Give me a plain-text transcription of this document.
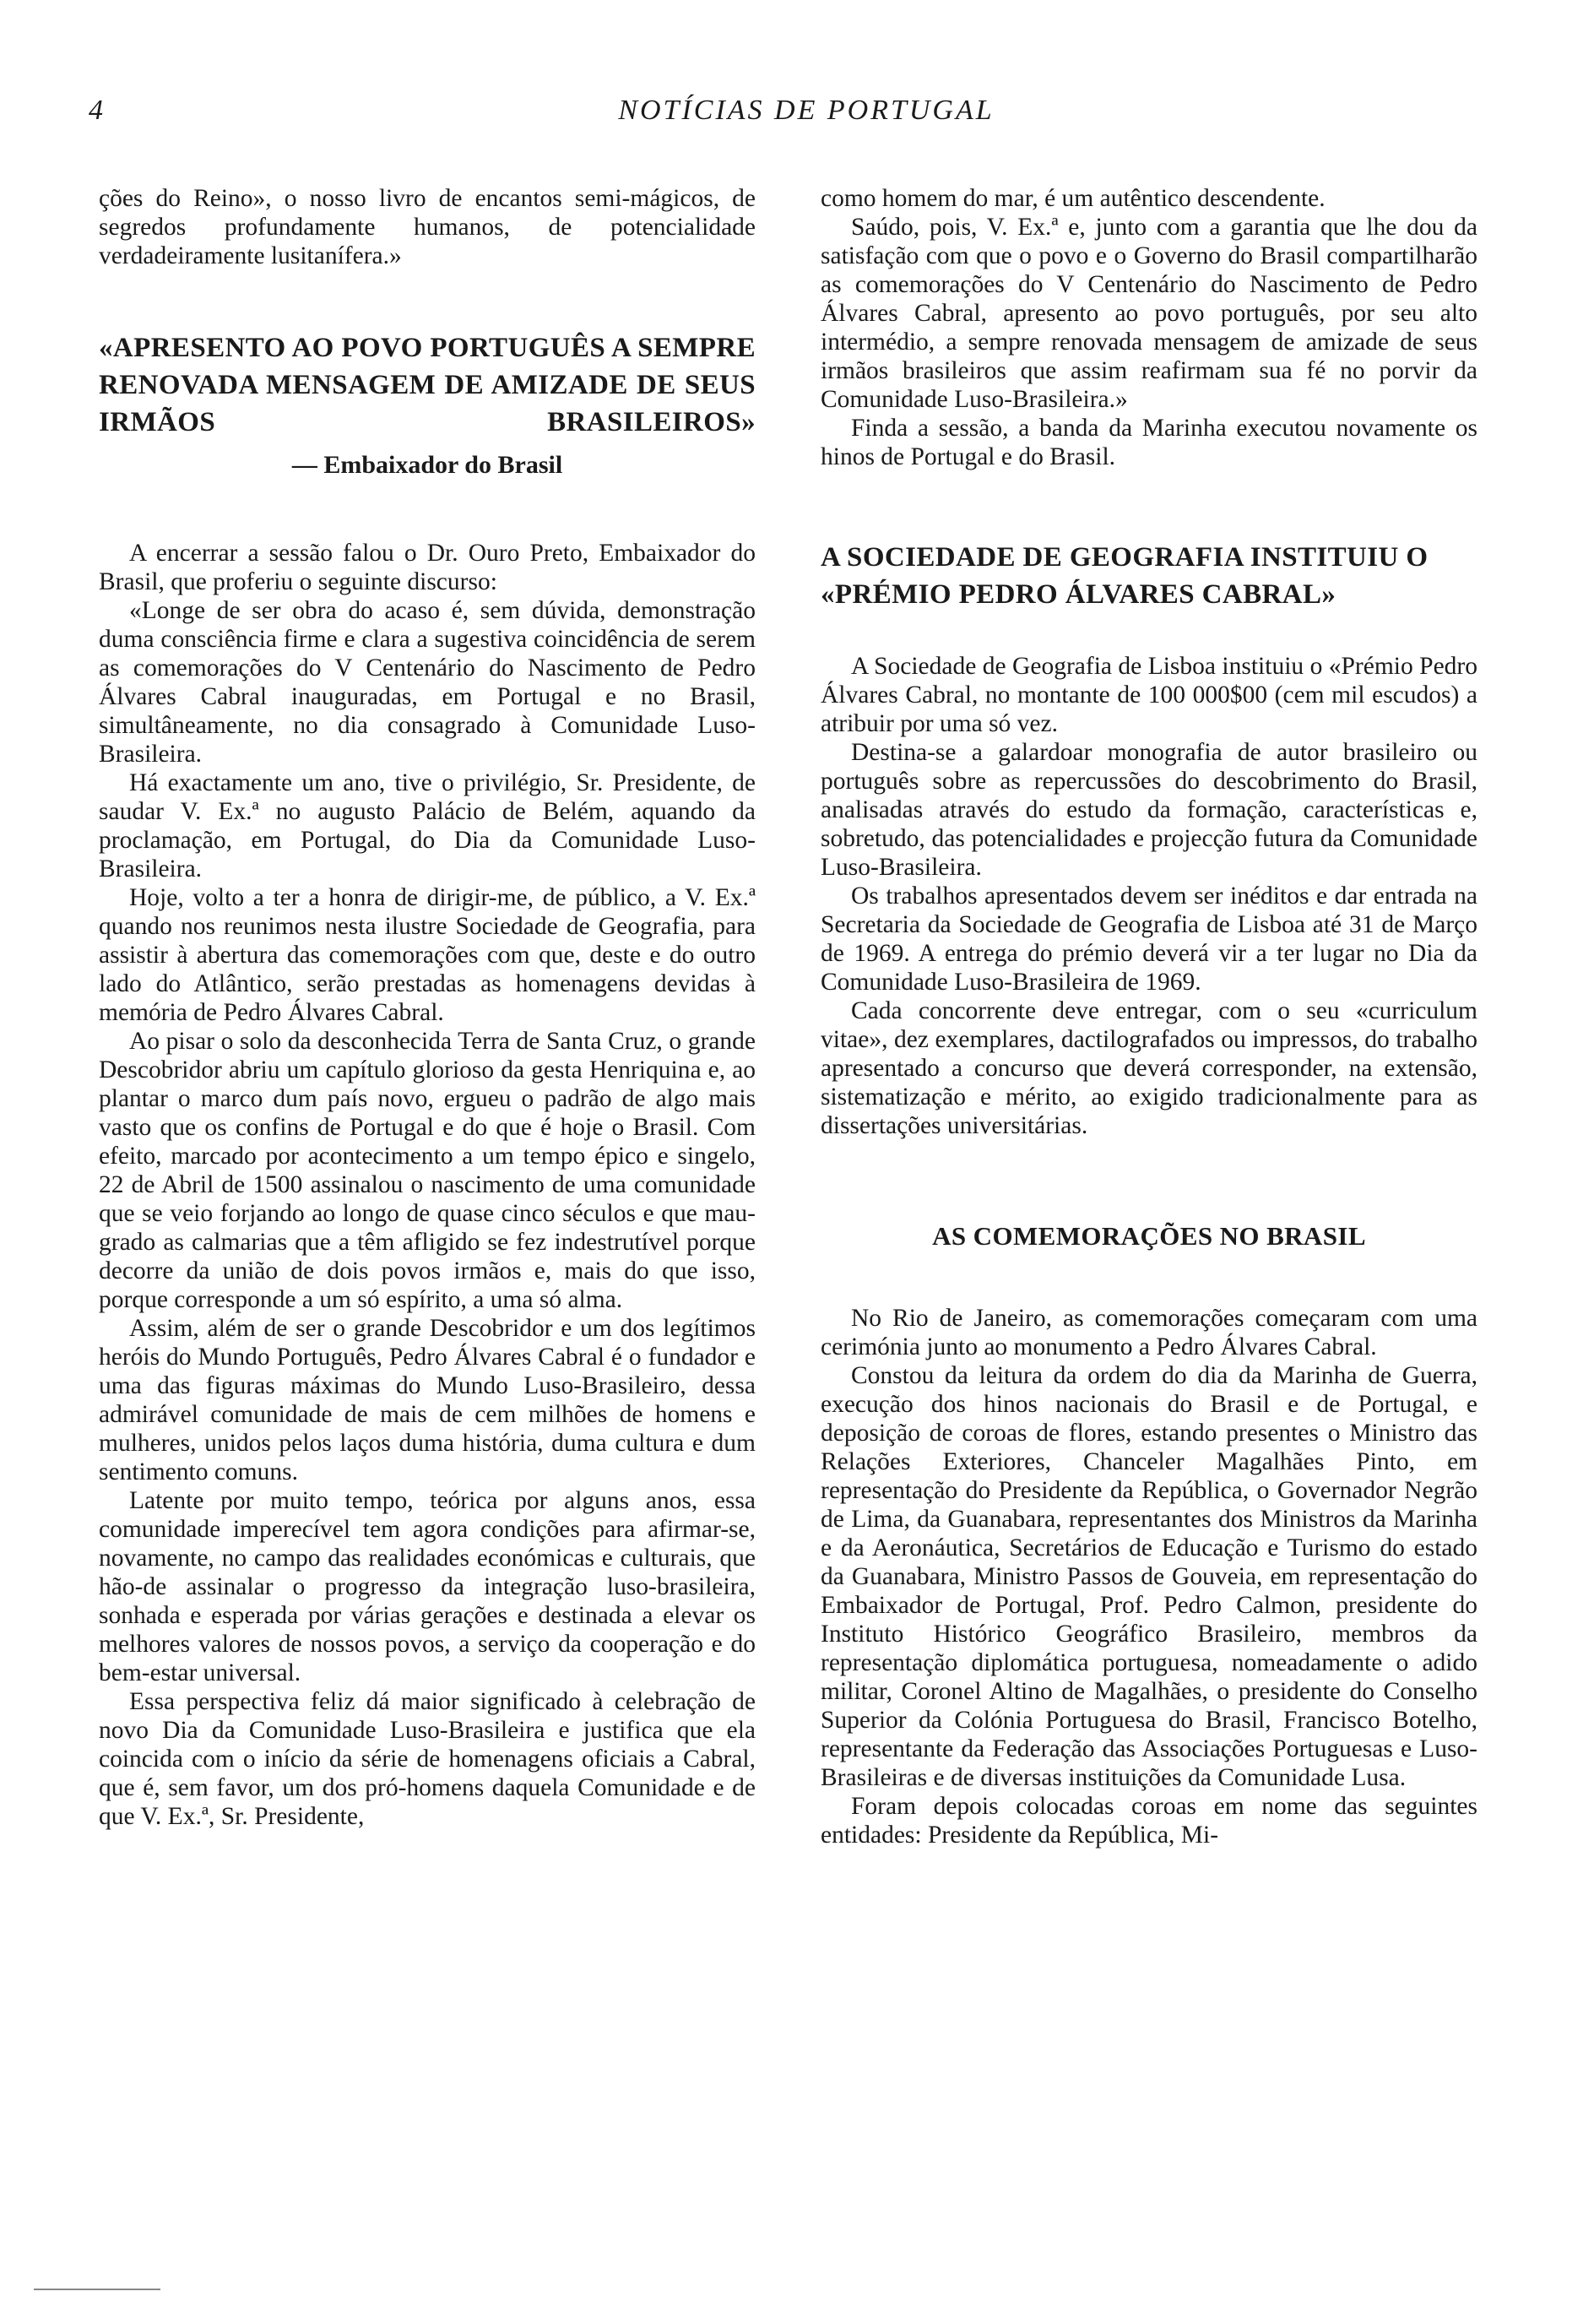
4	NOTÍCIAS DE PORTUGAL

ções do Reino», o nosso livro de encantos semi-mágicos, de segredos profundamente humanos, de potencialidade verdadeiramente lusitanífera.»

«APRESENTO AO POVO PORTUGUÊS A SEMPRE RENOVADA MENSAGEM DE AMIZADE DE SEUS IRMÃOS BRASILEIROS»
— Embaixador do Brasil

A encerrar a sessão falou o Dr. Ouro Preto, Embaixador do Brasil, que proferiu o seguinte discurso:

«Longe de ser obra do acaso é, sem dúvida, demonstração duma consciência firme e clara a sugestiva coincidência de serem as comemorações do V Centenário do Nascimento de Pedro Álvares Cabral inauguradas, em Portugal e no Brasil, simultâneamente, no dia consagrado à Comunidade Luso-Brasileira.

Há exactamente um ano, tive o privilégio, Sr. Presidente, de saudar V. Ex.ª no augusto Palácio de Belém, aquando da proclamação, em Portugal, do Dia da Comunidade Luso-Brasileira.

Hoje, volto a ter a honra de dirigir-me, de público, a V. Ex.ª quando nos reunimos nesta ilustre Sociedade de Geografia, para assistir à abertura das comemorações com que, deste e do outro lado do Atlântico, serão prestadas as homenagens devidas à memória de Pedro Álvares Cabral.

Ao pisar o solo da desconhecida Terra de Santa Cruz, o grande Descobridor abriu um capítulo glorioso da gesta Henriquina e, ao plantar o marco dum país novo, ergueu o padrão de algo mais vasto que os confins de Portugal e do que é hoje o Brasil. Com efeito, marcado por acontecimento a um tempo épico e singelo, 22 de Abril de 1500 assinalou o nascimento de uma comunidade que se veio forjando ao longo de quase cinco séculos e que mau-grado as calmarias que a têm afligido se fez indestrutível porque decorre da união de dois povos irmãos e, mais do que isso, porque corresponde a um só espírito, a uma só alma.

Assim, além de ser o grande Descobridor e um dos legítimos heróis do Mundo Português, Pedro Álvares Cabral é o fundador e uma das figuras máximas do Mundo Luso-Brasileiro, dessa admirável comunidade de mais de cem milhões de homens e mulheres, unidos pelos laços duma história, duma cultura e dum sentimento comuns.

Latente por muito tempo, teórica por alguns anos, essa comunidade imperecível tem agora condições para afirmar-se, novamente, no campo das realidades económicas e culturais, que hão-de assinalar o progresso da integração luso-brasileira, sonhada e esperada por várias gerações e destinada a elevar os melhores valores de nossos povos, a serviço da cooperação e do bem-estar universal.

Essa perspectiva feliz dá maior significado à celebração de novo Dia da Comunidade Luso-Brasileira e justifica que ela coincida com o início da série de homenagens oficiais a Cabral, que é, sem favor, um dos pró-homens daquela Comunidade e de que V. Ex.ª, Sr. Presidente,

como homem do mar, é um autêntico descendente.

Saúdo, pois, V. Ex.ª e, junto com a garantia que lhe dou da satisfação com que o povo e o Governo do Brasil compartilharão as comemorações do V Centenário do Nascimento de Pedro Álvares Cabral, apresento ao povo português, por seu alto intermédio, a sempre renovada mensagem de amizade de seus irmãos brasileiros que assim reafirmam sua fé no porvir da Comunidade Luso-Brasileira.»

Finda a sessão, a banda da Marinha executou novamente os hinos de Portugal e do Brasil.

A SOCIEDADE DE GEOGRAFIA INSTITUIU O «PRÉMIO PEDRO ÁLVARES CABRAL»

A Sociedade de Geografia de Lisboa instituiu o «Prémio Pedro Álvares Cabral, no montante de 100 000$00 (cem mil escudos) a atribuir por uma só vez.

Destina-se a galardoar monografia de autor brasileiro ou português sobre as repercussões do descobrimento do Brasil, analisadas através do estudo da formação, características e, sobretudo, das potencialidades e projecção futura da Comunidade Luso-Brasileira.

Os trabalhos apresentados devem ser inéditos e dar entrada na Secretaria da Sociedade de Geografia de Lisboa até 31 de Março de 1969. A entrega do prémio deverá vir a ter lugar no Dia da Comunidade Luso-Brasileira de 1969.

Cada concorrente deve entregar, com o seu «curriculum vitae», dez exemplares, dactilografados ou impressos, do trabalho apresentado a concurso que deverá corresponder, na extensão, sistematização e mérito, ao exigido tradicionalmente para as dissertações universitárias.

AS COMEMORAÇÕES NO BRASIL

No Rio de Janeiro, as comemorações começaram com uma cerimónia junto ao monumento a Pedro Álvares Cabral.

Constou da leitura da ordem do dia da Marinha de Guerra, execução dos hinos nacionais do Brasil e de Portugal, e deposição de coroas de flores, estando presentes o Ministro das Relações Exteriores, Chanceler Magalhães Pinto, em representação do Presidente da República, o Governador Negrão de Lima, da Guanabara, representantes dos Ministros da Marinha e da Aeronáutica, Secretários de Educação e Turismo do estado da Guanabara, Ministro Passos de Gouveia, em representação do Embaixador de Portugal, Prof. Pedro Calmon, presidente do Instituto Histórico Geográfico Brasileiro, membros da representação diplomática portuguesa, nomeadamente o adido militar, Coronel Altino de Magalhães, o presidente do Conselho Superior da Colónia Portuguesa do Brasil, Francisco Botelho, representante da Federação das Associações Portuguesas e Luso-Brasileiras e de diversas instituições da Comunidade Lusa.

Foram depois colocadas coroas em nome das seguintes entidades: Presidente da República, Mi-
